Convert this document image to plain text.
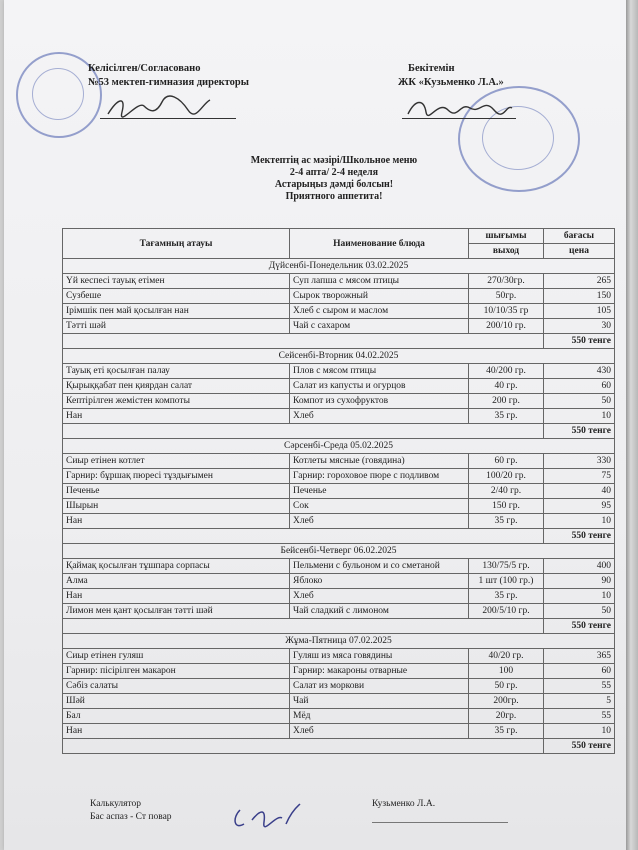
Келісілген/Согласовано
№53 мектеп-гимназия директоры
Бекітемін
ЖК «Кузьменко Л.А.»
Мектептің ас мәзірі/Школьное меню
2-4 апта/ 2-4 неделя
Астарыңыз дәмді болсын!
Приятного аппетита!
Тағамның атауы	Наименование блюда	шығымы	бағасы
		выход	цена
Дүйсенбі-Понедельник 03.02.2025			
Үй кеспесі тауық етімен	Суп лапша с мясом птицы	270/30гр.	265
Сузбеше	Сырок творожный	50гр.	150
Ірімшік пен май қосылған нан	Хлеб с сыром и маслом	10/10/35 гр	105
Тәтті шәй	Чай с сахаром	200/10 гр.	30
			550 тенге
Сейсенбі-Вторник 04.02.2025			
Тауық еті қосылған палау	Плов с мясом птицы	40/200 гр.	430
Қырыққабат пен қиярдан салат	Салат из капусты и огурцов	40 гр.	60
Кептірілген жемістен компоты	Компот из сухофруктов	200 гр.	50
Нан	Хлеб	35 гр.	10
			550 тенге
Сәрсенбі-Среда 05.02.2025			
Сиыр етінен котлет	Котлеты мясные (говядина)	60 гр.	330
Гарнир: бұршақ пюресі тұздығымен	Гарнир: гороховое пюре с подливом	100/20 гр.	75
Печенье	Печенье	2/40 гр.	40
Шырын	Сок	150 гр.	95
Нан	Хлеб	35 гр.	10
			550 тенге
Бейсенбі-Четверг 06.02.2025			
Қаймақ қосылған тұшпара сорпасы	Пельмени с бульоном и со сметаной	130/75/5 гр.	400
Алма	Яблоко	1 шт (100 гр.)	90
Нан	Хлеб	35 гр.	10
Лимон мен қант қосылған тәтті шәй	Чай сладкий с лимоном	200/5/10 гр.	50
			550 тенге
Жұма-Пятница 07.02.2025			
Сиыр етінен гуляш	Гуляш из мяса говядины	40/20 гр.	365
Гарнир: пісірілген макарон	Гарнир: макароны отварные	100	60
Сәбіз салаты	Салат из моркови	50 гр.	55
Шәй	Чай	200гр.	5
Бал	Мёд	20гр.	55
Нан	Хлеб	35 гр.	10
			550 тенге
Калькулятор
Бас аспаз - Ст повар
Кузьменко Л.А.
